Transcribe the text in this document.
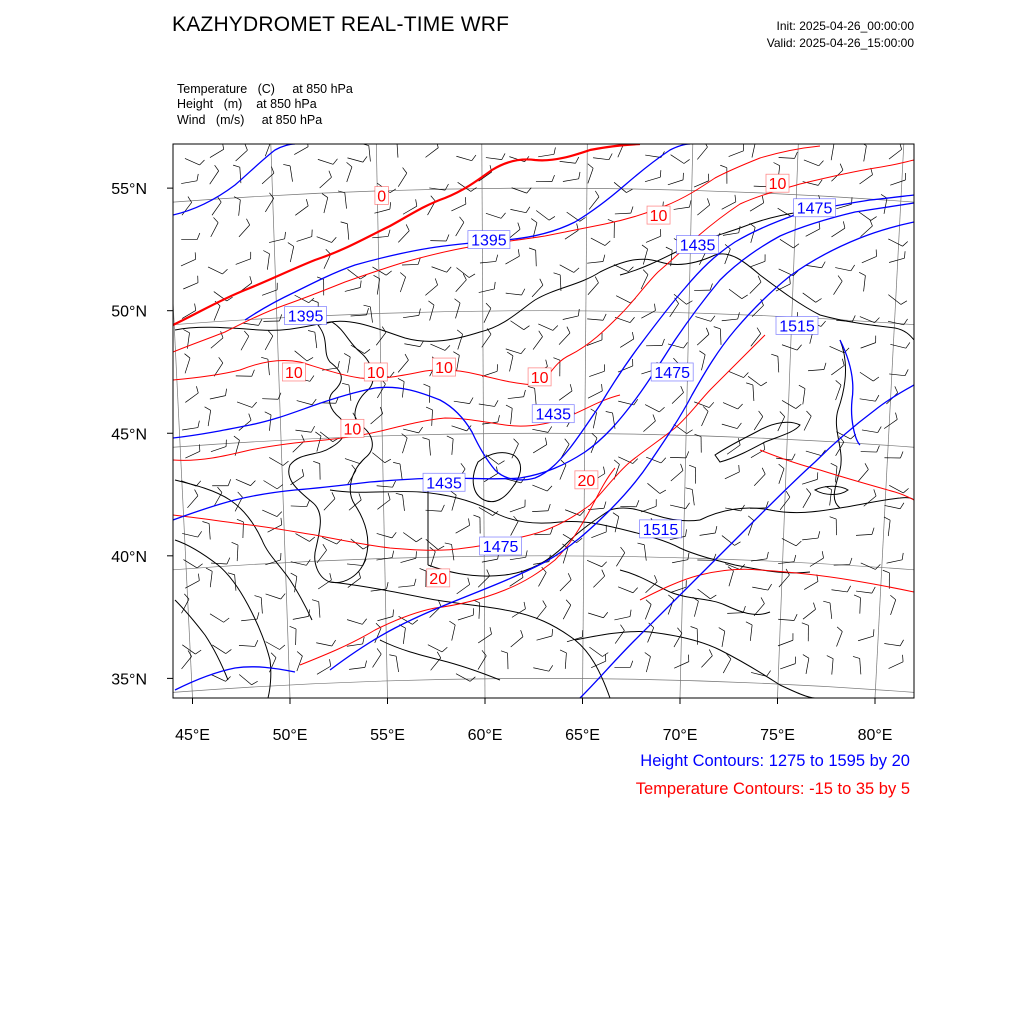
KAZHYDROMET REAL-TIME WRF	Init: 2025-04-26_00:00:00
Valid: 2025-04-26_15:00:00
Temperature (C) at 850 hPa
Height (m) at 850 hPa
Wind (m/s) at 850 hPa
1395
1395
1435
1435
1435
1475
1475
1475
1515
1515
0
10
10
10	10	10
10
10
20
20
55°N
50°N
45°N
40°N
35°N
45°E	50°E	55°E	60°E	65°E	70°E	75°E	80°E
Height Contours: 1275 to 1595 by 20
Temperature Contours: -15 to 35 by 5
